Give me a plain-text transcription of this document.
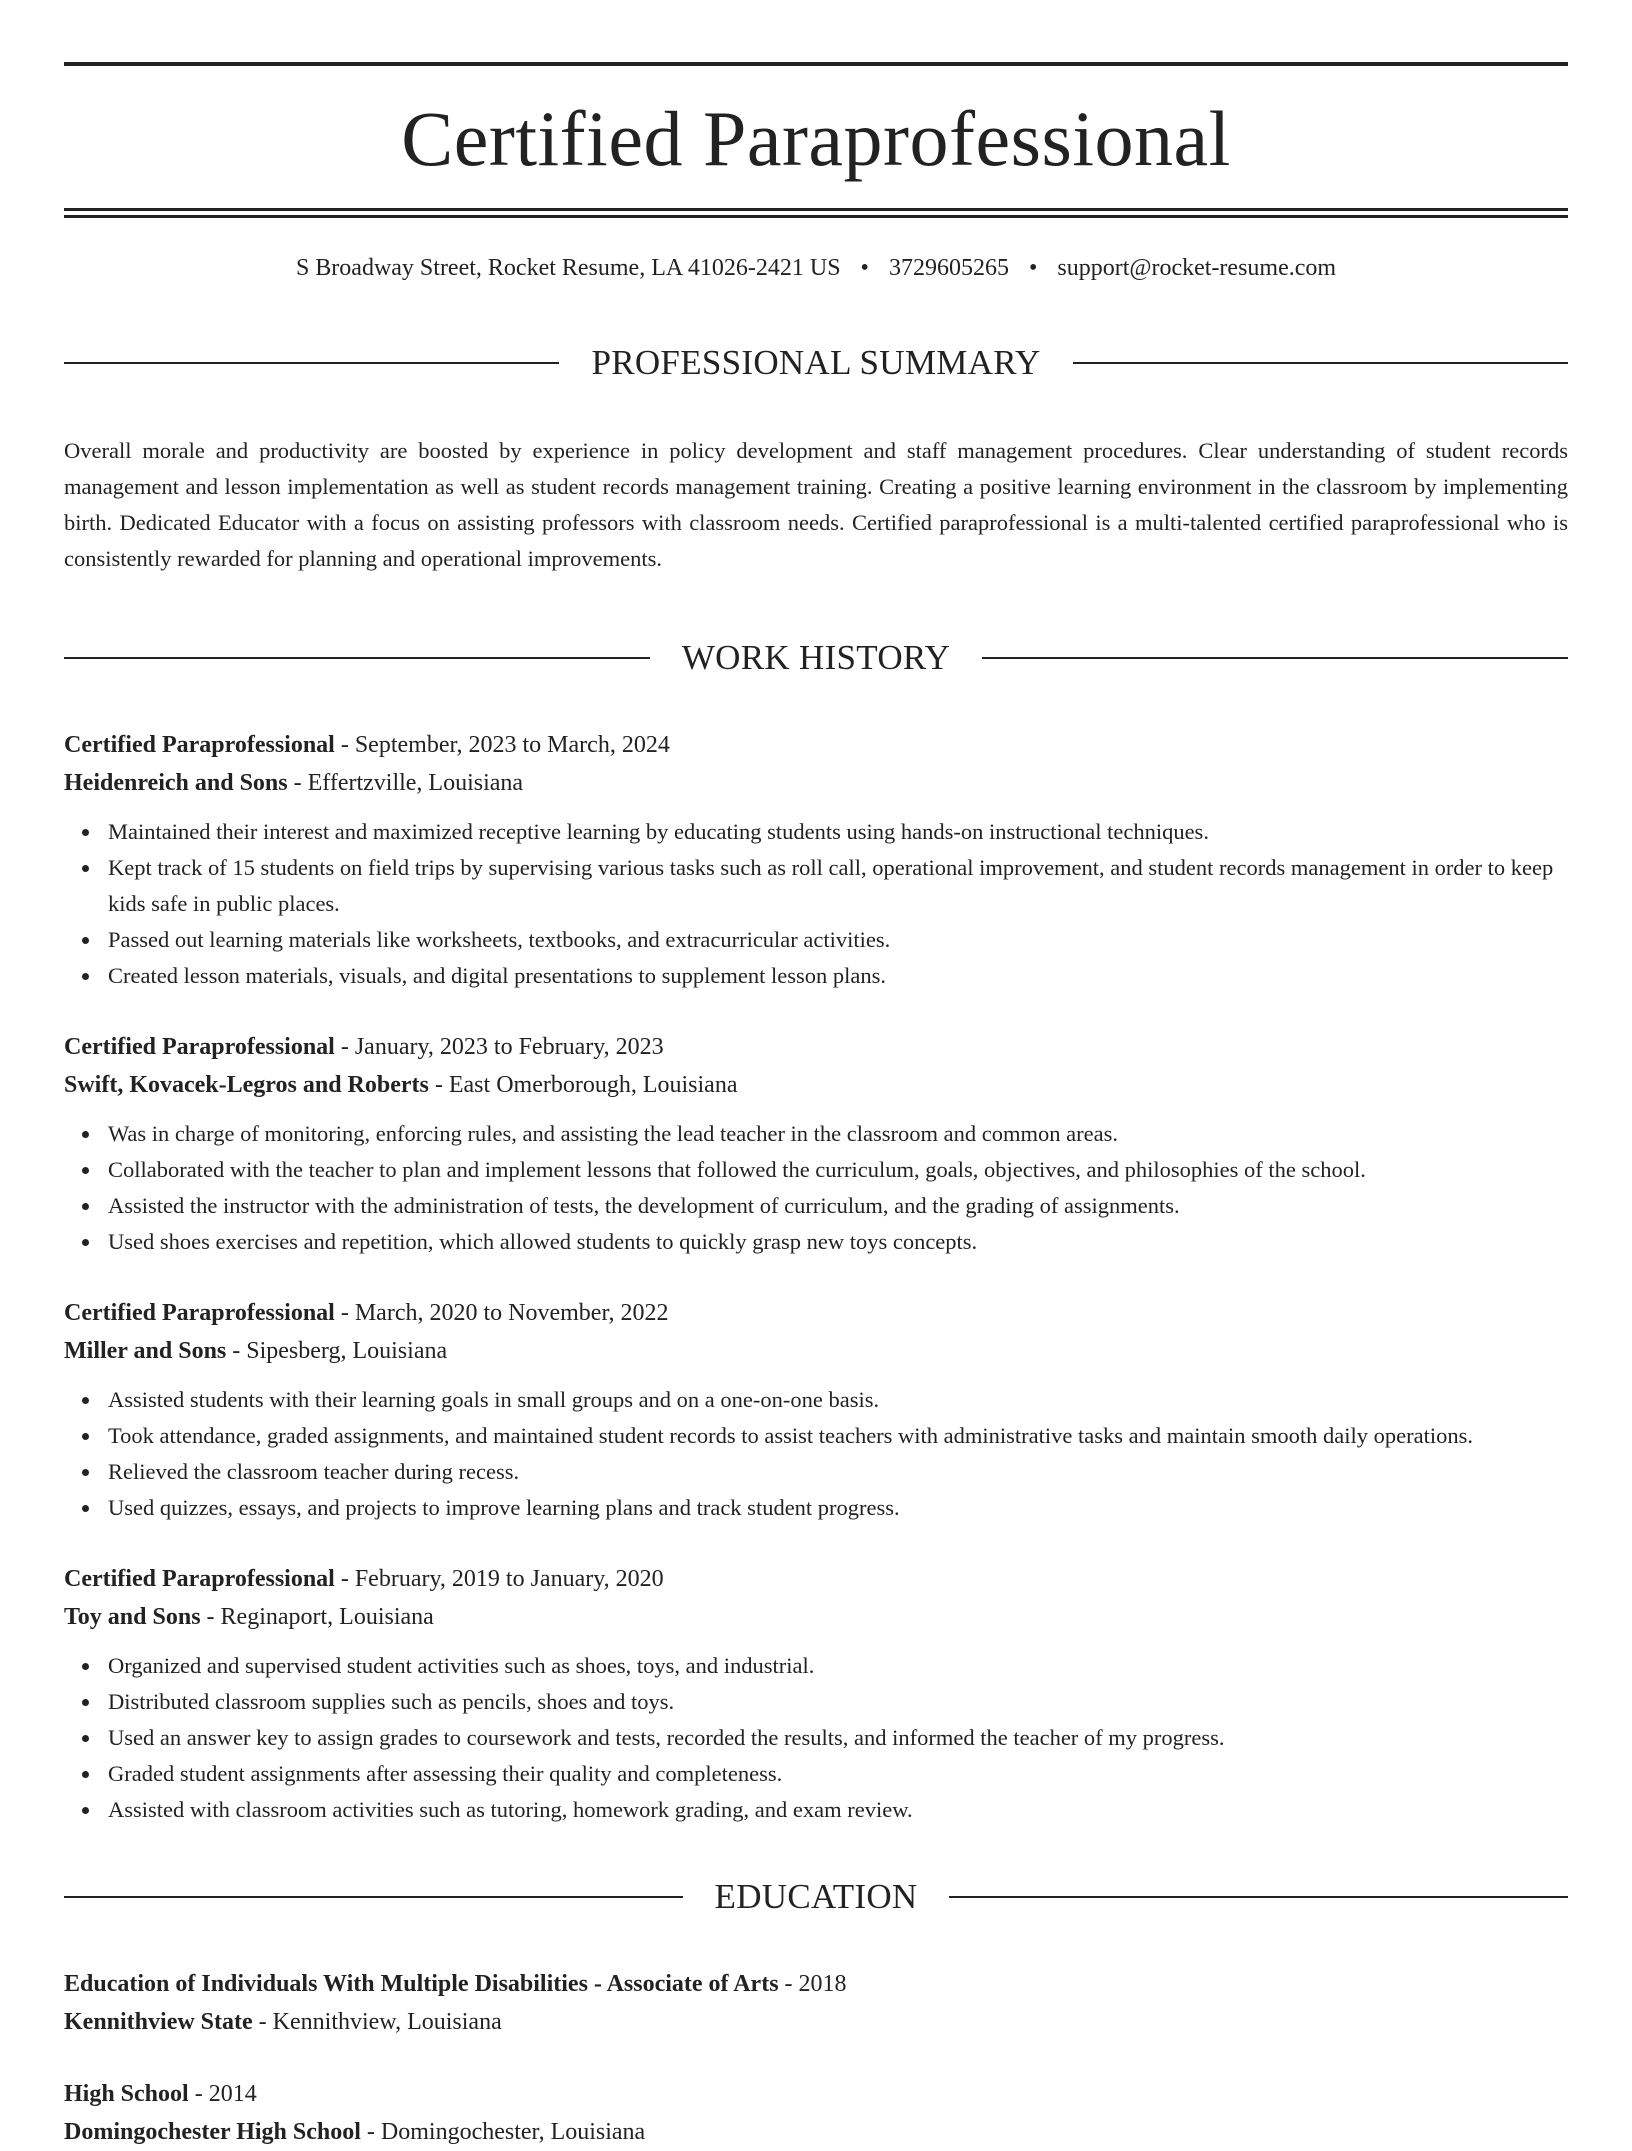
Certified Paraprofessional
S Broadway Street, Rocket Resume, LA 41026-2421 US • 3729605265 • support@rocket-resume.com
PROFESSIONAL SUMMARY

Overall morale and productivity are boosted by experience in policy development and staff management procedures. Clear understanding of student records management and lesson implementation as well as student records management training. Creating a positive learning environment in the classroom by implementing birth. Dedicated Educator with a focus on assisting professors with classroom needs. Certified paraprofessional is a multi-talented certified paraprofessional who is consistently rewarded for planning and operational improvements.

WORK HISTORY
Certified Paraprofessional - September, 2023 to March, 2024
Heidenreich and Sons - Effertzville, Louisiana
Maintained their interest and maximized receptive learning by educating students using hands-on instructional techniques.
Kept track of 15 students on field trips by supervising various tasks such as roll call, operational improvement, and student records management in order to keep kids safe in public places.
Passed out learning materials like worksheets, textbooks, and extracurricular activities.
Created lesson materials, visuals, and digital presentations to supplement lesson plans.
Certified Paraprofessional - January, 2023 to February, 2023
Swift, Kovacek-Legros and Roberts - East Omerborough, Louisiana
Was in charge of monitoring, enforcing rules, and assisting the lead teacher in the classroom and common areas.
Collaborated with the teacher to plan and implement lessons that followed the curriculum, goals, objectives, and philosophies of the school.
Assisted the instructor with the administration of tests, the development of curriculum, and the grading of assignments.
Used shoes exercises and repetition, which allowed students to quickly grasp new toys concepts.
Certified Paraprofessional - March, 2020 to November, 2022
Miller and Sons - Sipesberg, Louisiana
Assisted students with their learning goals in small groups and on a one-on-one basis.
Took attendance, graded assignments, and maintained student records to assist teachers with administrative tasks and maintain smooth daily operations.
Relieved the classroom teacher during recess.
Used quizzes, essays, and projects to improve learning plans and track student progress.
Certified Paraprofessional - February, 2019 to January, 2020
Toy and Sons - Reginaport, Louisiana
Organized and supervised student activities such as shoes, toys, and industrial.
Distributed classroom supplies such as pencils, shoes and toys.
Used an answer key to assign grades to coursework and tests, recorded the results, and informed the teacher of my progress.
Graded student assignments after assessing their quality and completeness.
Assisted with classroom activities such as tutoring, homework grading, and exam review.
EDUCATION
Education of Individuals With Multiple Disabilities - Associate of Arts - 2018
Kennithview State - Kennithview, Louisiana
High School - 2014
Domingochester High School - Domingochester, Louisiana
